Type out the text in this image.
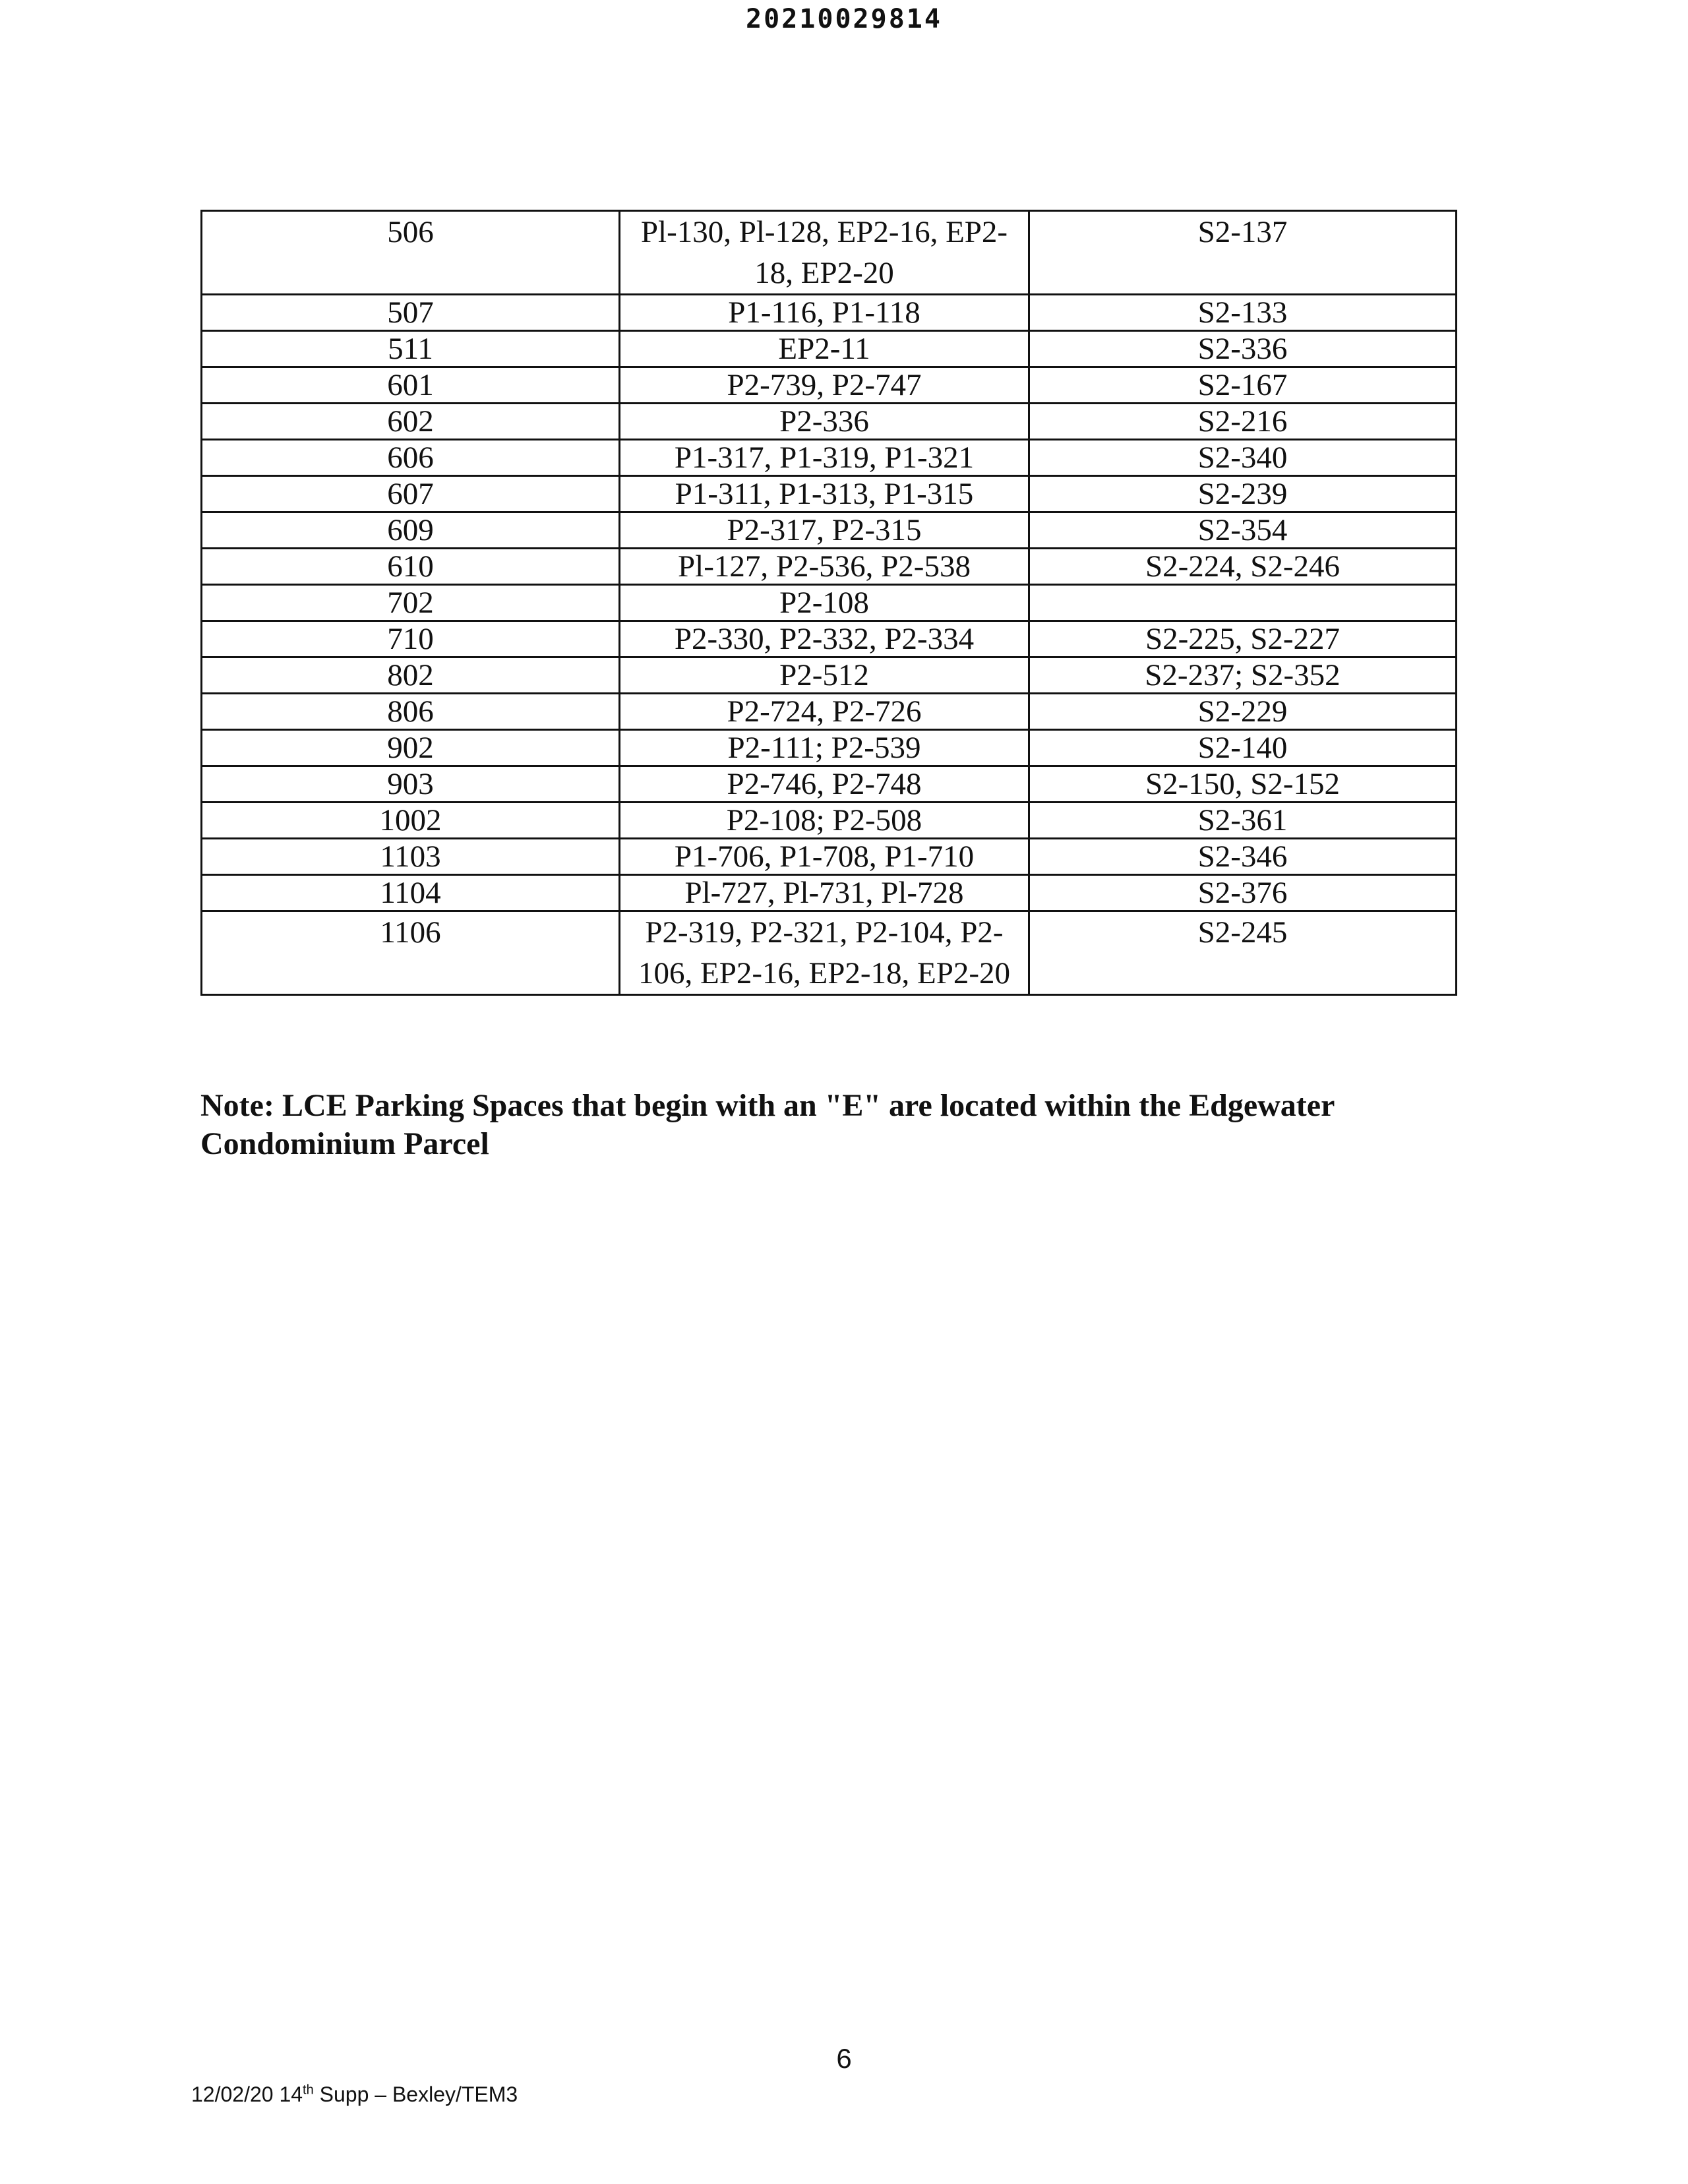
20210029814
506	Pl-130, Pl-128, EP2-16, EP2-18, EP2-20	S2-137
507	P1-116, P1-118	S2-133
511	EP2-11	S2-336
601	P2-739, P2-747	S2-167
602	P2-336	S2-216
606	P1-317, P1-319, P1-321	S2-340
607	P1-311, P1-313, P1-315	S2-239
609	P2-317, P2-315	S2-354
610	Pl-127, P2-536, P2-538	S2-224, S2-246
702	P2-108	
710	P2-330, P2-332, P2-334	S2-225, S2-227
802	P2-512	S2-237; S2-352
806	P2-724, P2-726	S2-229
902	P2-111; P2-539	S2-140
903	P2-746, P2-748	S2-150, S2-152
1002	P2-108; P2-508	S2-361
1103	P1-706, P1-708, P1-710	S2-346
1104	Pl-727, Pl-731, Pl-728	S2-376
1106	P2-319, P2-321, P2-104, P2-106, EP2-16, EP2-18, EP2-20	S2-245
Note: LCE Parking Spaces that begin with an "E" are located within the Edgewater Condominium Parcel
6
12/02/20 14th Supp – Bexley/TEM3
